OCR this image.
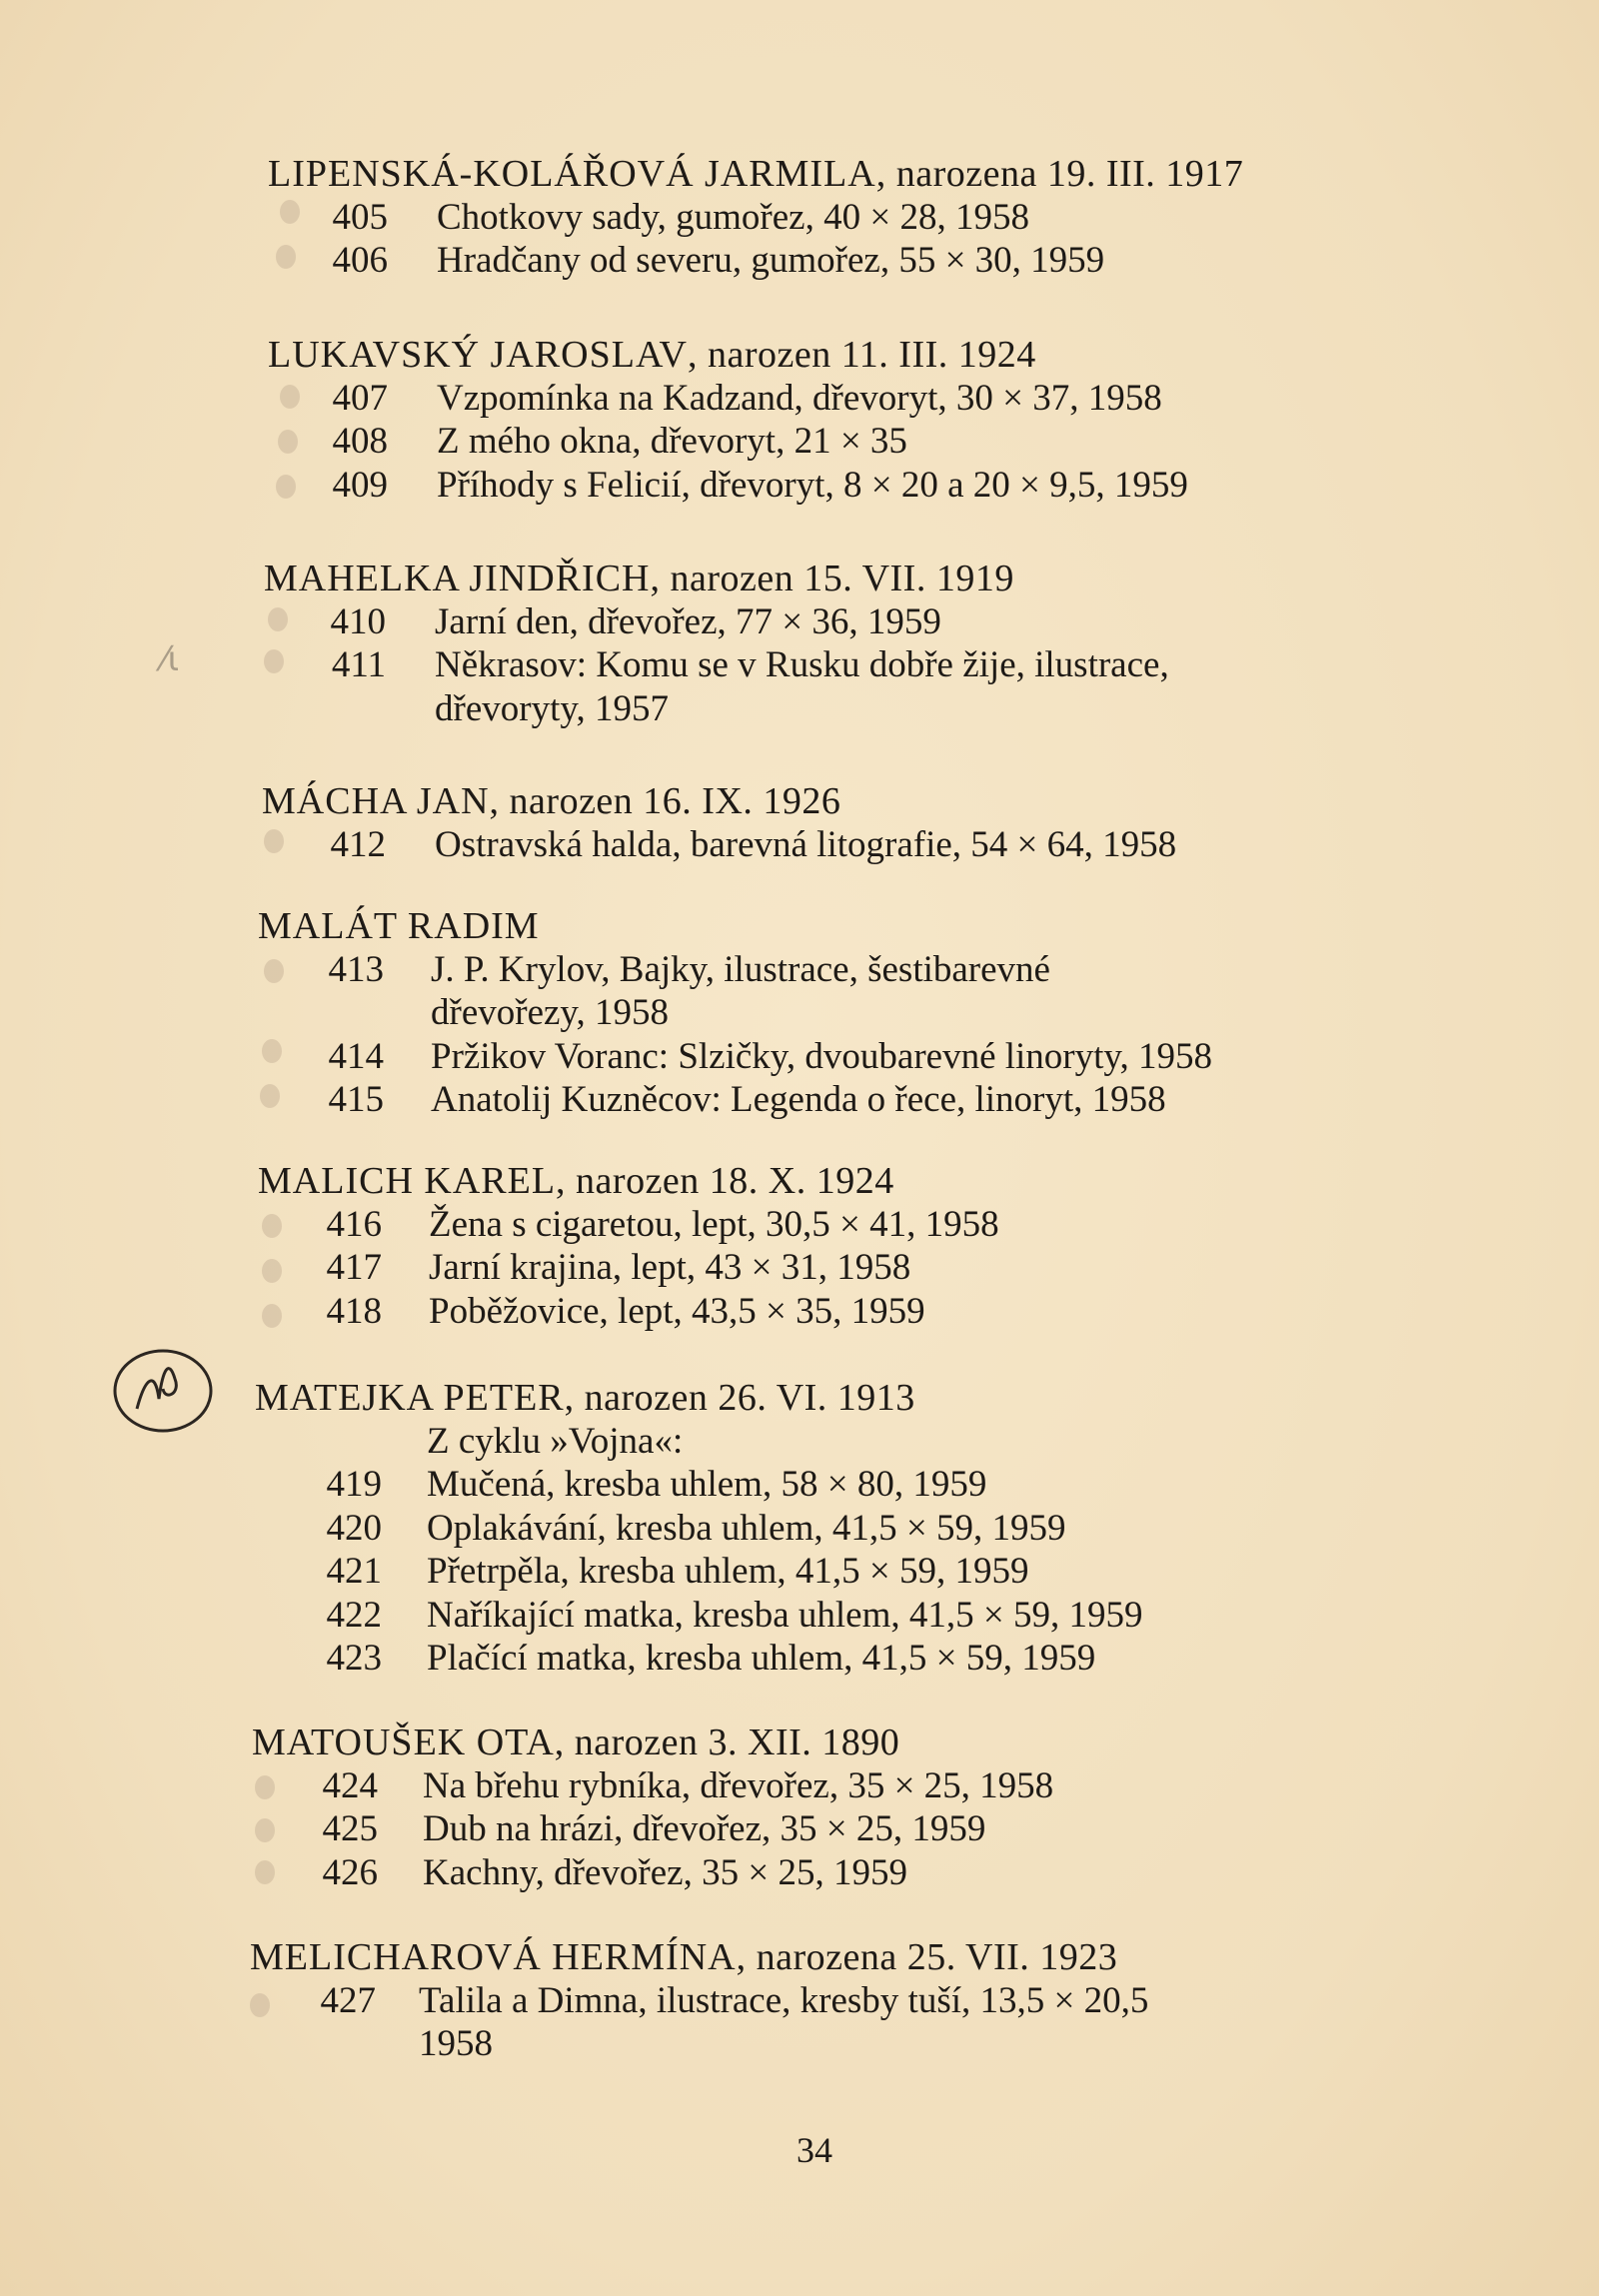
⁄ɩ
LIPENSKÁ-KOLÁŘOVÁ JARMILA, narozena 19. III. 1917
405 Chotkovy sady, gumořez, 40 × 28, 1958
406 Hradčany od severu, gumořez, 55 × 30, 1959
LUKAVSKÝ JAROSLAV, narozen 11. III. 1924
407 Vzpomínka na Kadzand, dřevoryt, 30 × 37, 1958
408 Z mého okna, dřevoryt, 21 × 35
409 Příhody s Felicií, dřevoryt, 8 × 20 a 20 × 9,5, 1959
MAHELKA JINDŘICH, narozen 15. VII. 1919
410 Jarní den, dřevořez, 77 × 36, 1959
411 Někrasov: Komu se v Rusku dobře žije, ilustrace,
dřevoryty, 1957
MÁCHA JAN, narozen 16. IX. 1926
412 Ostravská halda, barevná litografie, 54 × 64, 1958
MALÁT RADIM
413 J. P. Krylov, Bajky, ilustrace, šestibarevné
dřevořezy, 1958
414 Pržikov Voranc: Slzičky, dvoubarevné linoryty, 1958
415 Anatolij Kuzněcov: Legenda o řece, linoryt, 1958
MALICH KAREL, narozen 18. X. 1924
416 Žena s cigaretou, lept, 30,5 × 41, 1958
417 Jarní krajina, lept, 43 × 31, 1958
418 Poběžovice, lept, 43,5 × 35, 1959
MATEJKA PETER, narozen 26. VI. 1913
Z cyklu »Vojna«:
419 Mučená, kresba uhlem, 58 × 80, 1959
420 Oplakávání, kresba uhlem, 41,5 × 59, 1959
421 Přetrpěla, kresba uhlem, 41,5 × 59, 1959
422 Naříkající matka, kresba uhlem, 41,5 × 59, 1959
423 Plačící matka, kresba uhlem, 41,5 × 59, 1959
MATOUŠEK OTA, narozen 3. XII. 1890
424 Na břehu rybníka, dřevořez, 35 × 25, 1958
425 Dub na hrázi, dřevořez, 35 × 25, 1959
426 Kachny, dřevořez, 35 × 25, 1959
MELICHAROVÁ HERMÍNA, narozena 25. VII. 1923
427 Talila a Dimna, ilustrace, kresby tuší, 13,5 × 20,5
1958
34
